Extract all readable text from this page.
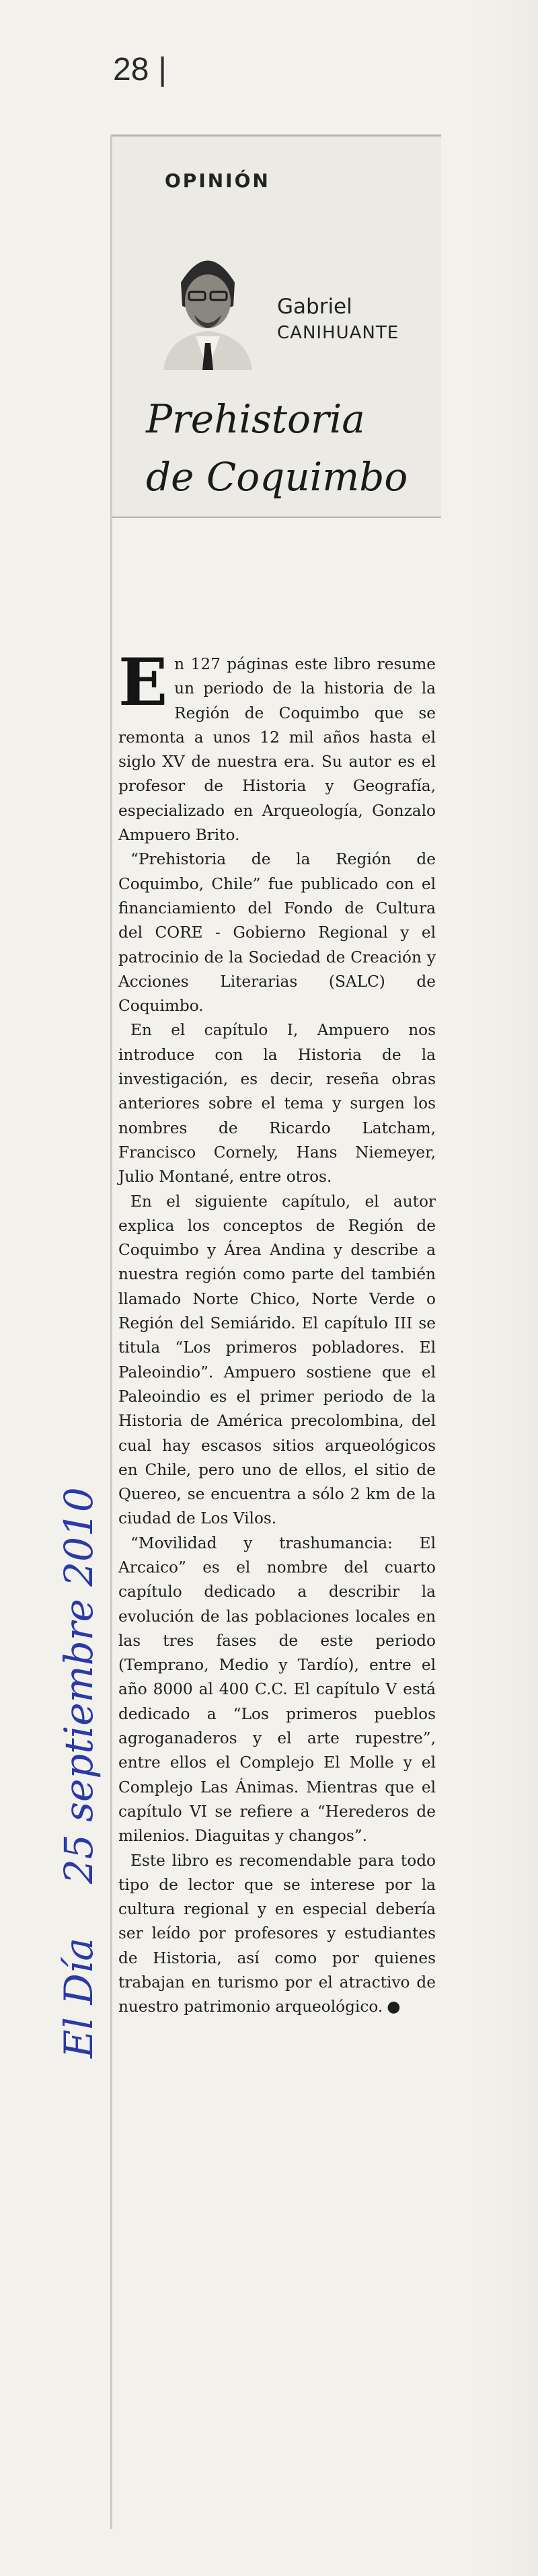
28 |
El Día25 septiembre 2010
OPINIÓN
Gabriel
CANIHUANTE
Prehistoria
de Coquimbo

En 127 páginas este libro resume un periodo de la historia de la Región de Coquimbo que se remonta a unos 12 mil años hasta el siglo XV de nuestra era. Su autor es el profesor de Historia y Geografía, especializado en Arqueología, Gonzalo Ampuero Brito.

“Prehistoria de la Región de Coquimbo, Chile” fue publicado con el financiamiento del Fondo de Cultura del CORE - Gobierno Regional y el patrocinio de la Sociedad de Creación y Acciones Literarias (SALC) de Coquimbo.

En el capítulo I, Ampuero nos introduce con la Historia de la investigación, es decir, reseña obras anteriores sobre el tema y surgen los nombres de Ricardo Latcham, Francisco Cornely, Hans Niemeyer, Julio Montané, entre otros.

En el siguiente capítulo, el autor explica los conceptos de Región de Coquimbo y Área Andina y describe a nuestra región como parte del también llamado Norte Chico, Norte Verde o Región del Semiárido. El capítulo III se titula “Los primeros pobladores. El Paleoindio”. Ampuero sostiene que el Paleoindio es el primer periodo de la Historia de América precolombina, del cual hay escasos sitios arqueológicos en Chile, pero uno de ellos, el sitio de Quereo, se encuentra a sólo 2 km de la ciudad de Los Vilos.

“Movilidad y trashumancia: El Arcaico” es el nombre del cuarto capítulo dedicado a describir la evolución de las poblaciones locales en las tres fases de este periodo (Temprano, Medio y Tardío), entre el año 8000 al 400 C.C. El capítulo V está dedicado a “Los primeros pueblos agroganaderos y el arte rupestre”, entre ellos el Complejo El Molle y el Complejo Las Ánimas. Mientras que el capítulo VI se refiere a “Herederos de milenios. Diaguitas y changos”.

Este libro es recomendable para todo tipo de lector que se interese por la cultura regional y en especial debería ser leído por profesores y estudiantes de Historia, así como por quienes trabajan en turismo por el atractivo de nuestro patrimonio arqueológico. ●
